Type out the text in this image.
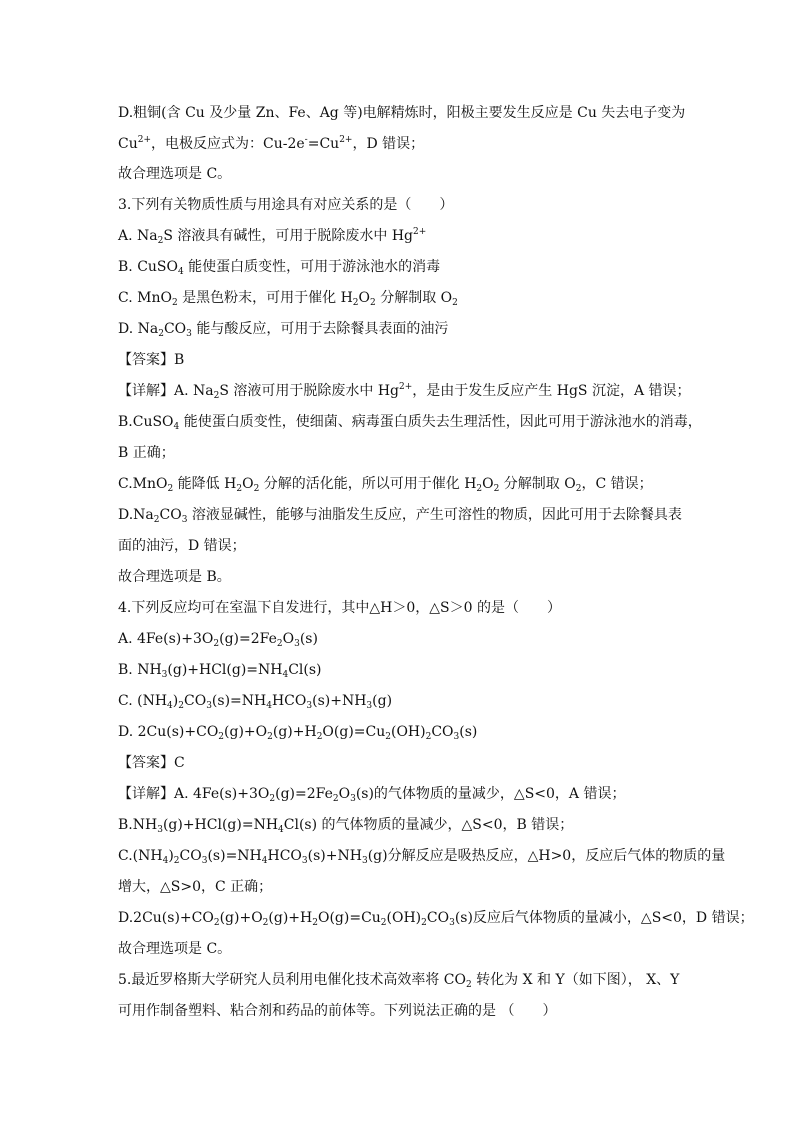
D.粗铜(含 Cu 及少量 Zn、Fe、Ag 等)电解精炼时，阳极主要发生反应是 Cu 失去电子变为
$Cu^{2+}$，电极反应式为：$Cu-2e^-=Cu^{2+}$，D 错误；
故合理选项是 C。
3.下列有关物质性质与用途具有对应关系的是（　　）
A. $Na_2S$ 溶液具有碱性，可用于脱除废水中 $Hg^{2+}$
B. CuSO$_4$ 能使蛋白质变性，可用于游泳池水的消毒
C. MnO$_2$ 是黑色粉末，可用于催化 $H_2O_2$ 分解制取 $O_2$
D. $Na_2CO_3$ 能与酸反应，可用于去除餐具表面的油污
【答案】B
【详解】A. $Na_2S$ 溶液可用于脱除废水中 $Hg^{2+}$，是由于发生反应产生 HgS 沉淀，A 错误；
B.CuSO$_4$ 能使蛋白质变性，使细菌、病毒蛋白质失去生理活性，因此可用于游泳池水的消毒，
B 正确；
C.MnO$_2$ 能降低 $H_2O_2$ 分解的活化能，所以可用于催化 $H_2O_2$ 分解制取 $O_2$，C 错误；
$D.Na_2CO_3$ 溶液显碱性，能够与油脂发生反应，产生可溶性的物质，因此可用于去除餐具表
面的油污，D 错误；
故合理选项是 B。
4.下列反应均可在室温下自发进行，其中△H＞0，△S＞0 的是（　　）
A. $4Fe(s)+3O_2(g)=2Fe_2O_3(s)$
B. $NH_3(g)+HCl(g)=NH_4Cl(s)$
C. $(NH_4)_2CO_3(s)=NH_4HCO_3(s)+NH_3(g)$
D. $2Cu(s)+CO_2(g)+O_2(g)+H_2O(g)=Cu_2(OH)_2CO_3(s)$
【答案】C
【详解】A. $4Fe(s)+3O_2(g)=2Fe_2O_3(s)$的气体物质的量减少，△S<0，A 错误；
$B.NH_3(g)+HCl(g)=NH_4Cl(s)$ 的气体物质的量减少，△S<0，B 错误；
$C.(NH_4)_2CO_3(s)=NH_4HCO_3(s)+NH_3(g)$分解反应是吸热反应，△H>0，反应后气体的物质的量
增大，△S>0，C 正确；
$D.2Cu(s)+CO_2(g)+O_2(g)+H_2O(g)=Cu_2(OH)_2CO_3(s)$反应后气体物质的量减小，△S<0，D 错误；
故合理选项是 C。
5.最近罗格斯大学研究人员利用电催化技术高效率将 $CO_2$ 转化为 X 和 Y（如下图）， X、Y
可用作制备塑料、粘合剂和药品的前体等。下列说法正确的是 （　　）
